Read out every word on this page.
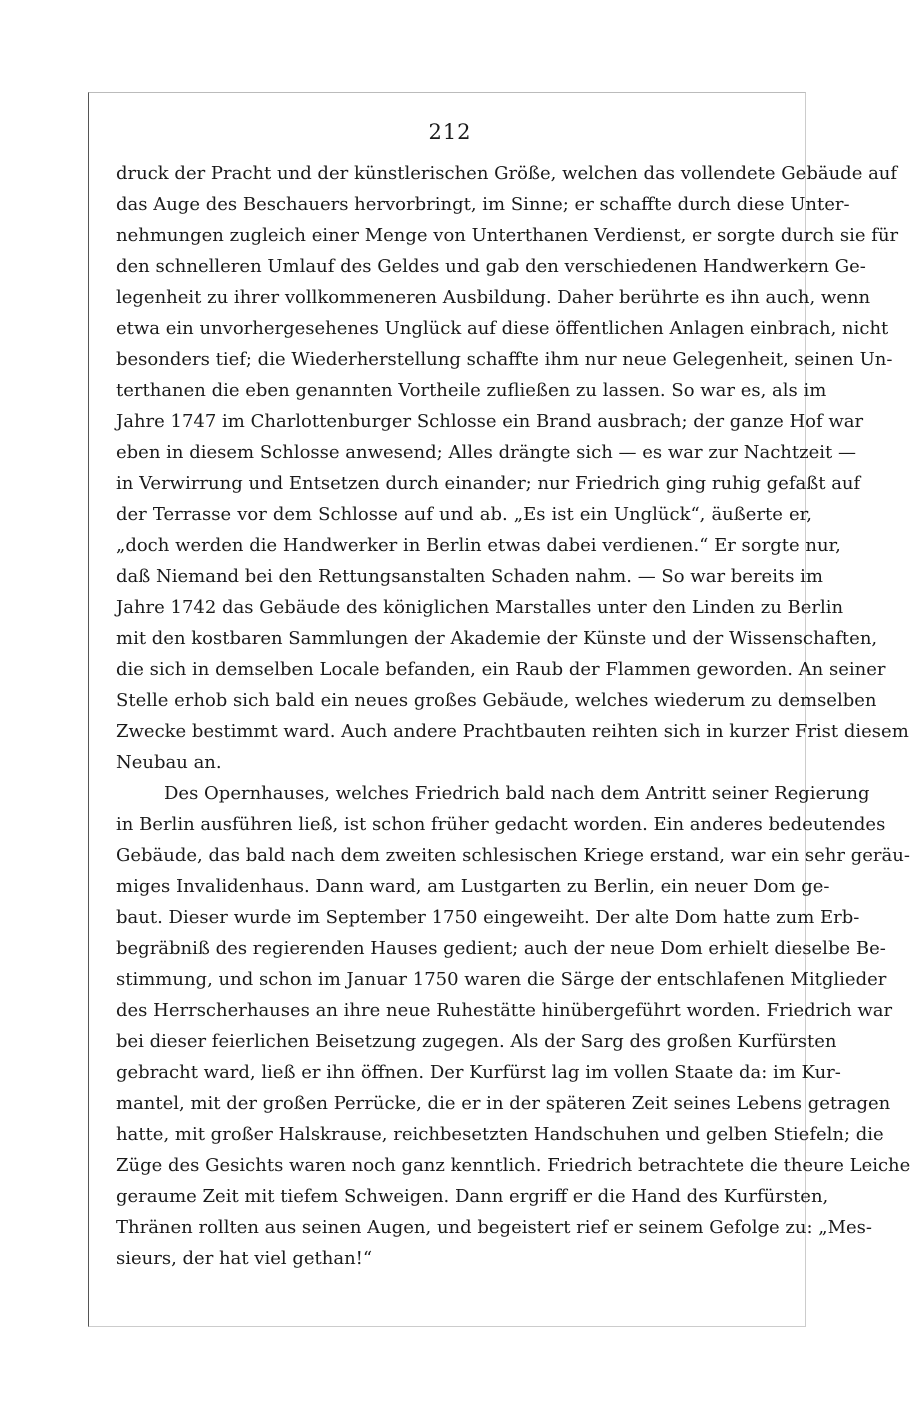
212
druck der Pracht und der künstlerischen Größe, welchen das vollendete Gebäude auf
das Auge des Beschauers hervorbringt, im Sinne; er schaffte durch diese Unter-
nehmungen zugleich einer Menge von Unterthanen Verdienst, er sorgte durch sie für
den schnelleren Umlauf des Geldes und gab den verschiedenen Handwerkern Ge-
legenheit zu ihrer vollkommeneren Ausbildung. Daher berührte es ihn auch, wenn
etwa ein unvorhergesehenes Unglück auf diese öffentlichen Anlagen einbrach, nicht
besonders tief; die Wiederherstellung schaffte ihm nur neue Gelegenheit, seinen Un-
terthanen die eben genannten Vortheile zufließen zu lassen. So war es, als im
Jahre 1747 im Charlottenburger Schlosse ein Brand ausbrach; der ganze Hof war
eben in diesem Schlosse anwesend; Alles drängte sich — es war zur Nachtzeit —
in Verwirrung und Entsetzen durch einander; nur Friedrich ging ruhig gefaßt auf
der Terrasse vor dem Schlosse auf und ab. „Es ist ein Unglück“, äußerte er,
„doch werden die Handwerker in Berlin etwas dabei verdienen.“ Er sorgte nur,
daß Niemand bei den Rettungsanstalten Schaden nahm. — So war bereits im
Jahre 1742 das Gebäude des königlichen Marstalles unter den Linden zu Berlin
mit den kostbaren Sammlungen der Akademie der Künste und der Wissenschaften,
die sich in demselben Locale befanden, ein Raub der Flammen geworden. An seiner
Stelle erhob sich bald ein neues großes Gebäude, welches wiederum zu demselben
Zwecke bestimmt ward. Auch andere Prachtbauten reihten sich in kurzer Frist diesem
Neubau an.
Des Opernhauses, welches Friedrich bald nach dem Antritt seiner Regierung
in Berlin ausführen ließ, ist schon früher gedacht worden. Ein anderes bedeutendes
Gebäude, das bald nach dem zweiten schlesischen Kriege erstand, war ein sehr geräu-
miges Invalidenhaus. Dann ward, am Lustgarten zu Berlin, ein neuer Dom ge-
baut. Dieser wurde im September 1750 eingeweiht. Der alte Dom hatte zum Erb-
begräbniß des regierenden Hauses gedient; auch der neue Dom erhielt dieselbe Be-
stimmung, und schon im Januar 1750 waren die Särge der entschlafenen Mitglieder
des Herrscherhauses an ihre neue Ruhestätte hinübergeführt worden. Friedrich war
bei dieser feierlichen Beisetzung zugegen. Als der Sarg des großen Kurfürsten
gebracht ward, ließ er ihn öffnen. Der Kurfürst lag im vollen Staate da: im Kur-
mantel, mit der großen Perrücke, die er in der späteren Zeit seines Lebens getragen
hatte, mit großer Halskrause, reichbesetzten Handschuhen und gelben Stiefeln; die
Züge des Gesichts waren noch ganz kenntlich. Friedrich betrachtete die theure Leiche
geraume Zeit mit tiefem Schweigen. Dann ergriff er die Hand des Kurfürsten,
Thränen rollten aus seinen Augen, und begeistert rief er seinem Gefolge zu: „Mes-
sieurs, der hat viel gethan!“
